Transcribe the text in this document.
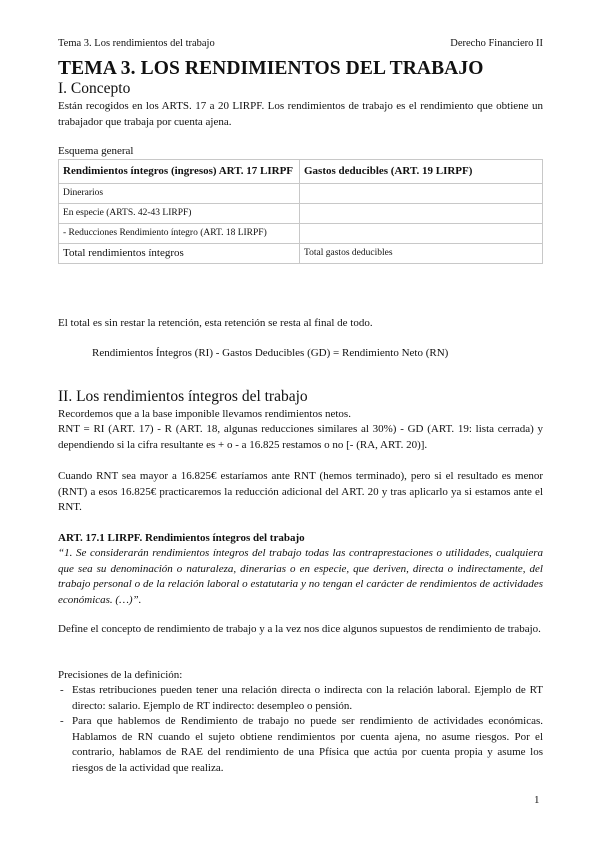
Tema 3. Los rendimientos del trabajo	Derecho Financiero II
TEMA 3. LOS RENDIMIENTOS DEL TRABAJO
I. Concepto

Están recogidos en los ARTS. 17 a 20 LIRPF. Los rendimientos de trabajo es el rendimiento que obtiene un trabajador que trabaja por cuenta ajena.

Esquema general

Rendimientos íntegros (ingresos) ART. 17 LIRPF	Gastos deducibles (ART. 19 LIRPF)
Dinerarios	
En especie (ARTS. 42-43 LIRPF)	
- Reducciones Rendimiento íntegro (ART. 18 LIRPF)	
Total rendimientos íntegros	Total gastos deducibles

El total es sin restar la retención, esta retención se resta al final de todo.

Rendimientos Íntegros (RI) - Gastos Deducibles (GD) = Rendimiento Neto (RN)

II. Los rendimientos íntegros del trabajo

Recordemos que a la base imponible llevamos rendimientos netos.

RNT = RI (ART. 17) - R (ART. 18, algunas reducciones similares al 30%) - GD (ART. 19: lista cerrada) y dependiendo si la cifra resultante es + o - a 16.825 restamos o no [- (RA, ART. 20)].

Cuando RNT sea mayor a 16.825€ estaríamos ante RNT (hemos terminado), pero si el resultado es menor (RNT) a esos 16.825€ practicaremos la reducción adicional del ART. 20 y tras aplicarlo ya si estamos ante el RNT.

ART. 17.1 LIRPF. Rendimientos íntegros del trabajo

“1. Se considerarán rendimientos íntegros del trabajo todas las contraprestaciones o utilidades, cualquiera que sea su denominación o naturaleza, dinerarias o en especie, que deriven, directa o indirectamente, del trabajo personal o de la relación laboral o estatutaria y no tengan el carácter de rendimientos de actividades económicas. (…)”.

Define el concepto de rendimiento de trabajo y a la vez nos dice algunos supuestos de rendimiento de trabajo.

Precisiones de la definición:

- Estas retribuciones pueden tener una relación directa o indirecta con la relación laboral. Ejemplo de RT directo: salario. Ejemplo de RT indirecto: desempleo o pensión.
- Para que hablemos de Rendimiento de trabajo no puede ser rendimiento de actividades económicas. Hablamos de RN cuando el sujeto obtiene rendimientos por cuenta ajena, no asume riesgos. Por el contrario, hablamos de RAE del rendimiento de una Pfísica que actúa por cuenta propia y asume los riesgos de la actividad que realiza.
1
